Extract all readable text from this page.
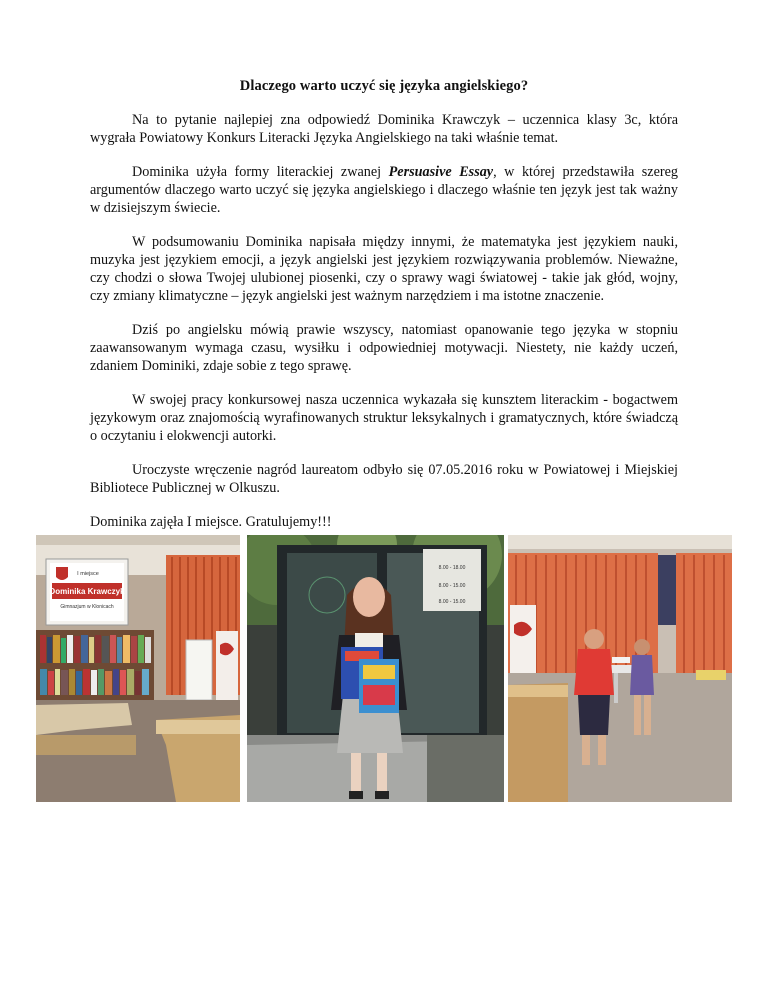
Dlaczego warto uczyć się języka angielskiego?

Na to pytanie najlepiej zna odpowiedź Dominika Krawczyk – uczennica klasy 3c, która wygrała Powiatowy Konkurs Literacki Języka Angielskiego na taki właśnie temat.

Dominika użyła formy literackiej zwanej Persuasive Essay, w której przedstawiła szereg argumentów dlaczego warto uczyć się języka angielskiego i dlaczego właśnie ten język jest tak ważny w dzisiejszym świecie.

W podsumowaniu Dominika napisała między innymi, że matematyka jest językiem nauki, muzyka jest językiem emocji, a język angielski jest językiem rozwiązywania problemów. Nieważne, czy chodzi o słowa Twojej ulubionej piosenki, czy o sprawy wagi światowej - takie jak głód, wojny, czy zmiany klimatyczne – język angielski jest ważnym narzędziem i ma istotne znaczenie.

Dziś po angielsku mówią prawie wszyscy, natomiast opanowanie tego języka w stopniu zaawansowanym wymaga czasu, wysiłku i odpowiedniej motywacji. Niestety, nie każdy uczeń, zdaniem Dominiki, zdaje sobie z tego sprawę.

W swojej pracy konkursowej nasza uczennica wykazała się kunsztem literackim - bogactwem językowym oraz znajomością wyrafinowanych struktur leksykalnych i gramatycznych, które świadczą o oczytaniu i elokwencji autorki.

Uroczyste wręczenie nagród laureatom odbyło się 07.05.2016 roku w Powiatowej i Miejskiej Bibliotece Publicznej w Olkuszu.

Dominika zajęła I miejsce. Gratulujemy!!!

I miejsce
Dominika Krawczyk
Gimnazjum w Klonicach
8.00 - 18.00
8.00 - 15.00
8.00 - 15.00
